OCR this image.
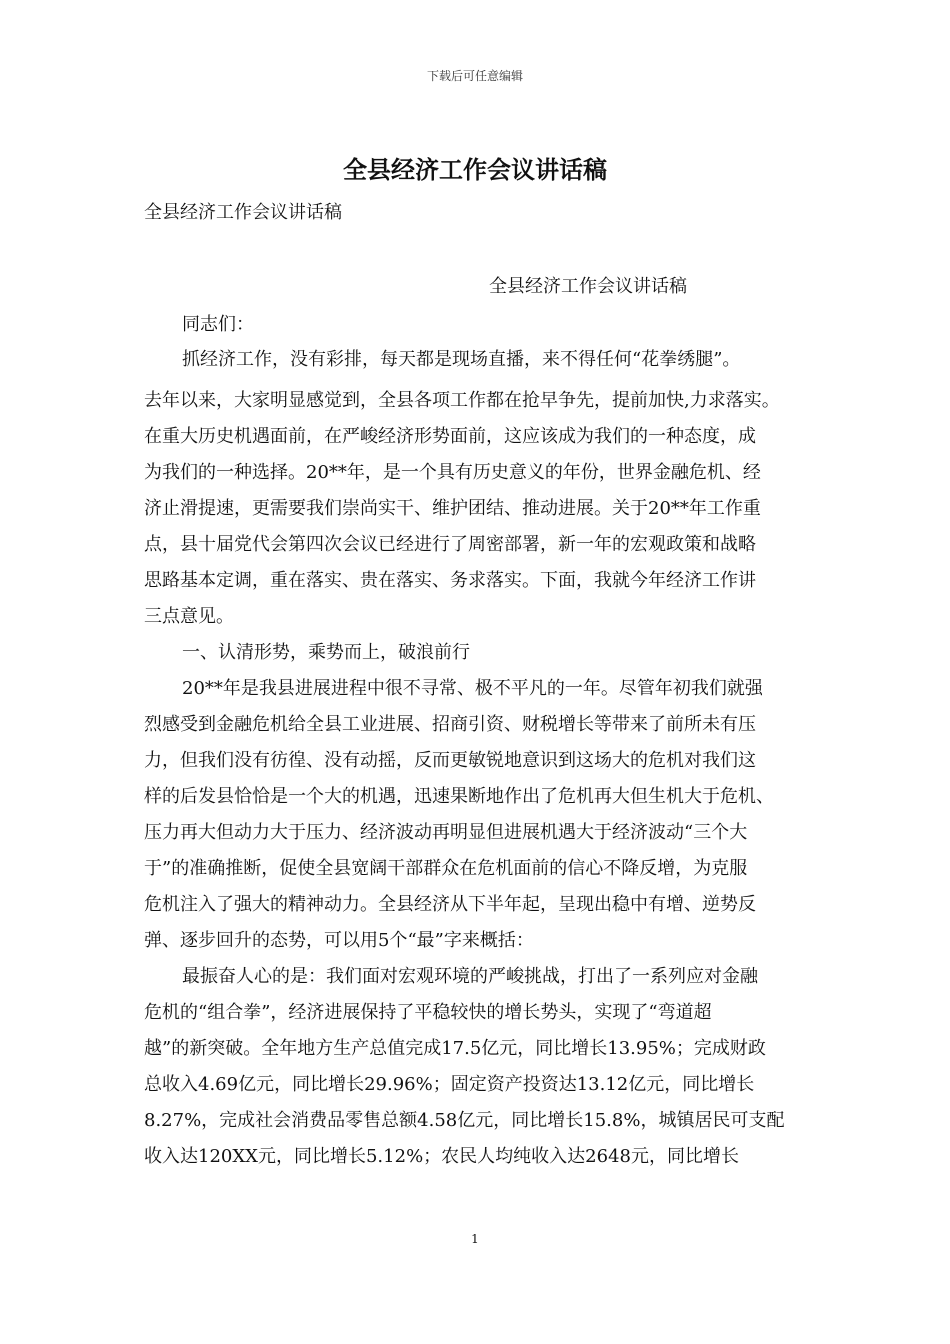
下载后可任意编辑
全县经济工作会议讲话稿

全县经济工作会议讲话稿

全县经济工作会议讲话稿

同志们：

抓经济工作，没有彩排，每天都是现场直播，来不得任何“花拳绣腿”。

去年以来，大家明显感觉到，全县各项工作都在抢早争先，提前加快,力求落实。

在重大历史机遇面前，在严峻经济形势面前，这应该成为我们的一种态度，成

为我们的一种选择。20**年，是一个具有历史意义的年份，世界金融危机、经

济止滑提速，更需要我们崇尚实干、维护团结、推动进展。关于20**年工作重

点，县十届党代会第四次会议已经进行了周密部署，新一年的宏观政策和战略

思路基本定调，重在落实、贵在落实、务求落实。下面，我就今年经济工作讲

三点意见。

一、认清形势，乘势而上，破浪前行

20**年是我县进展进程中很不寻常、极不平凡的一年。尽管年初我们就强

烈感受到金融危机给全县工业进展、招商引资、财税增长等带来了前所未有压

力，但我们没有彷徨、没有动摇，反而更敏锐地意识到这场大的危机对我们这

样的后发县恰恰是一个大的机遇，迅速果断地作出了危机再大但生机大于危机、

压力再大但动力大于压力、经济波动再明显但进展机遇大于经济波动“三个大

于”的准确推断，促使全县宽阔干部群众在危机面前的信心不降反增，为克服

危机注入了强大的精神动力。全县经济从下半年起，呈现出稳中有增、逆势反

弹、逐步回升的态势，可以用5个“最”字来概括：

最振奋人心的是：我们面对宏观环境的严峻挑战，打出了一系列应对金融

危机的“组合拳”，经济进展保持了平稳较快的增长势头，实现了“弯道超

越”的新突破。全年地方生产总值完成17.5亿元，同比增长13.95%；完成财政

总收入4.69亿元，同比增长29.96%；固定资产投资达13.12亿元，同比增长

8.27%，完成社会消费品零售总额4.58亿元，同比增长15.8%，城镇居民可支配

收入达120XX元，同比增长5.12%；农民人均纯收入达2648元，同比增长

1
